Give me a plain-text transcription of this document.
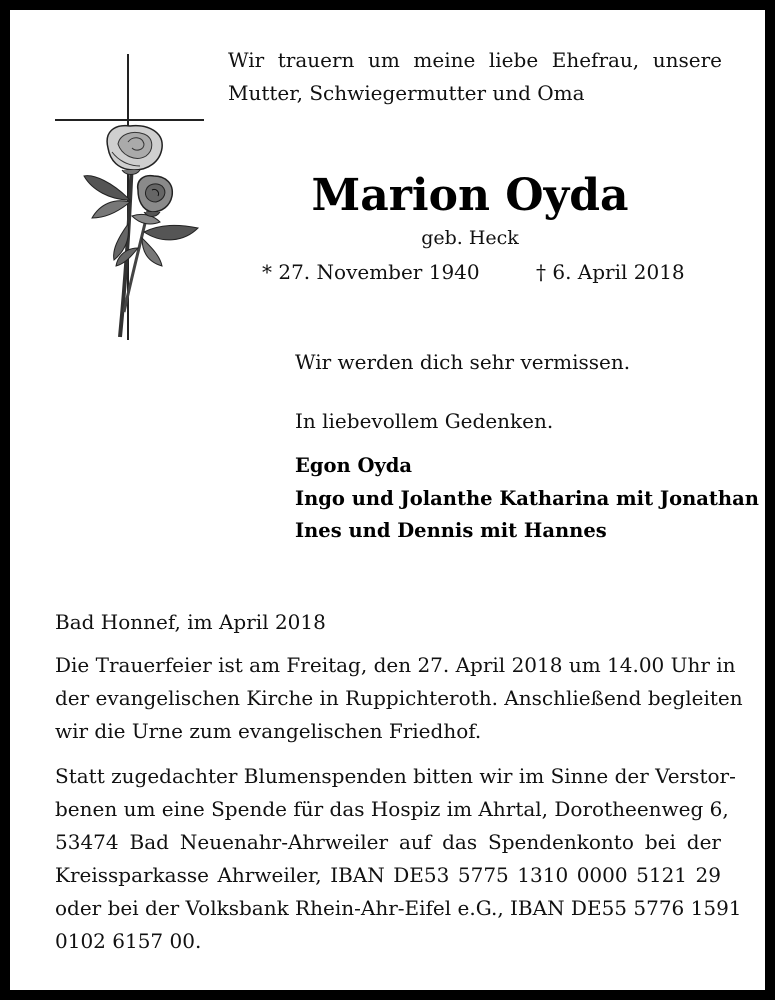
Wir trauern um meine liebe Ehefrau, unsere
Mutter, Schwiegermutter und Oma

Marion Oyda

geb. Heck

* 27. November 1940	† 6. April 2018

Wir werden dich sehr vermissen.

In liebevollem Gedenken.

Egon Oyda

Ingo und Jolanthe Katharina mit Jonathan

Ines und Dennis mit Hannes

Bad Honnef, im April 2018

Die Trauerfeier ist am Freitag, den 27. April 2018 um 14.00 Uhr in
der evangelischen Kirche in Ruppichteroth. Anschließend begleiten
wir die Urne zum evangelischen Friedhof.
Statt zugedachter Blumenspenden bitten wir im Sinne der Verstor-
benen um eine Spende für das Hospiz im Ahrtal, Dorotheenweg 6,
53474 Bad Neuenahr-Ahrweiler auf das Spendenkonto bei der
Kreissparkasse Ahrweiler, IBAN DE53 5775 1310 0000 5121 29
oder bei der Volksbank Rhein-Ahr-Eifel e.G., IBAN DE55 5776 1591
0102 6157 00.
